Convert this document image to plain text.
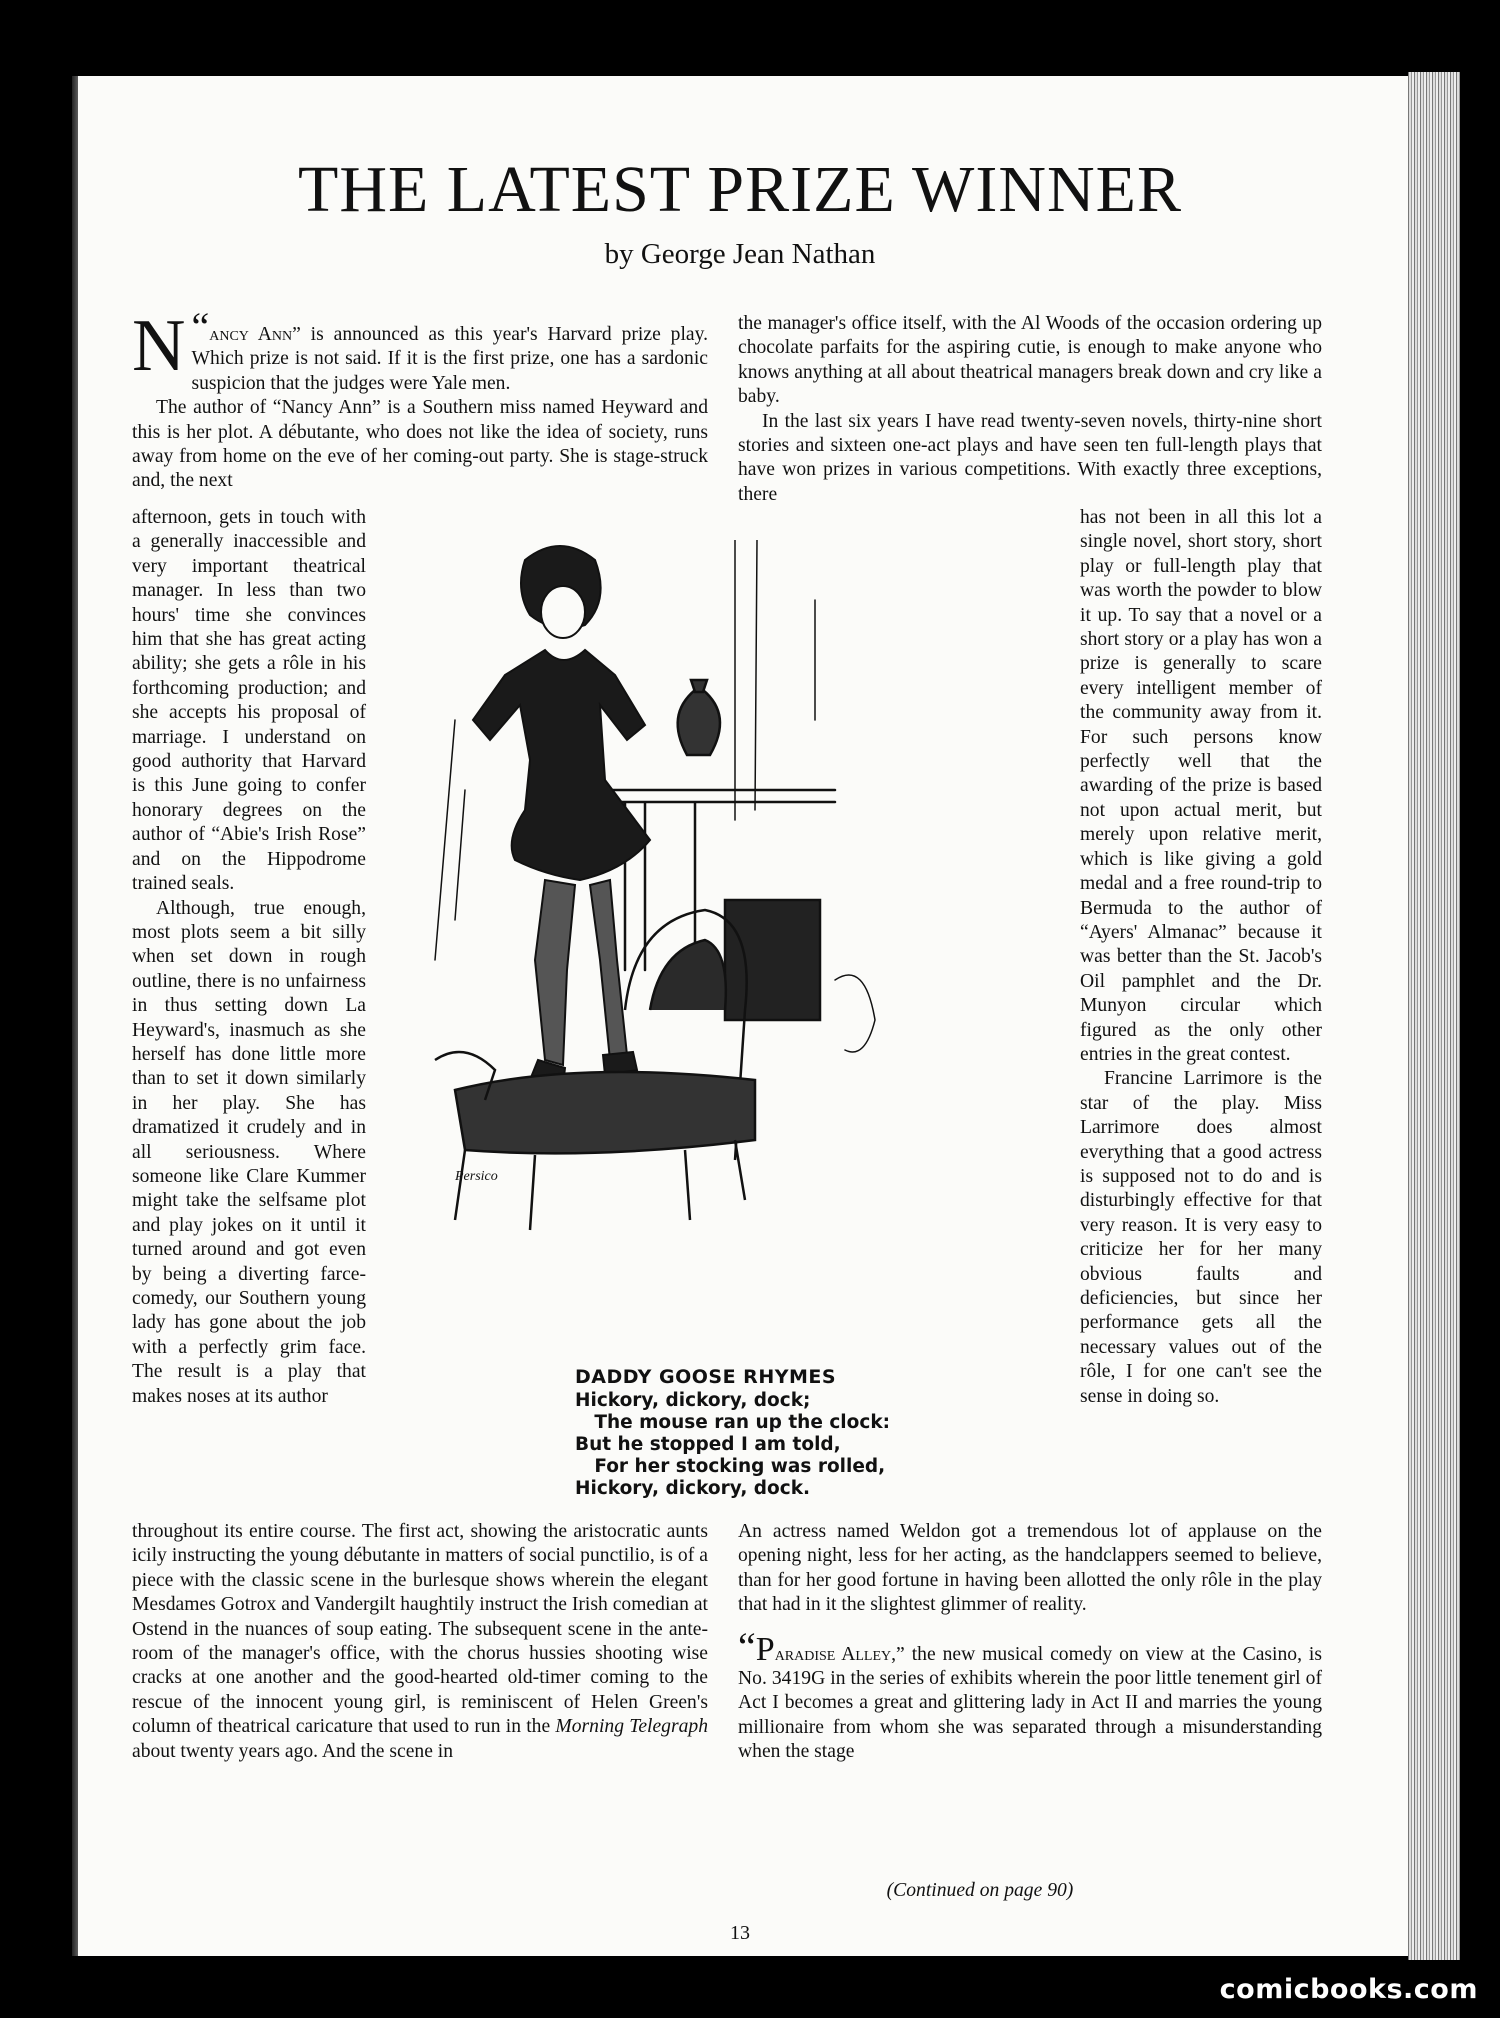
THE LATEST PRIZE WINNER
by George Jean Nathan

“
N ancy Ann” is announced as this year's Harvard prize play. Which prize is not said. If it is the first prize, one has a sardonic suspicion that the judges were Yale men.

The author of “Nancy Ann” is a Southern miss named Heyward and this is her plot. A débutante, who does not like the idea of society, runs away from home on the eve of her coming-out party. She is stage-struck and, the next

afternoon, gets in touch with a generally inaccessible and very important theatrical manager. In less than two hours' time she convinces him that she has great acting ability; she gets a rôle in his forthcoming production; and she accepts his proposal of marriage. I understand on good authority that Harvard is this June going to confer honorary degrees on the author of “Abie's Irish Rose” and on the Hippodrome trained seals.

Although, true enough, most plots seem a bit silly when set down in rough outline, there is no unfairness in thus setting down La Heyward's, inasmuch as she herself has done little more than to set it down similarly in her play. She has dramatized it crudely and in all seriousness. Where someone like Clare Kummer might take the selfsame plot and play jokes on it until it turned around and got even by being a diverting farce-comedy, our Southern young lady has gone about the job with a perfectly grim face. The result is a play that makes noses at its author

throughout its entire course. The first act, showing the aristocratic aunts icily instructing the young débutante in matters of social punctilio, is of a piece with the classic scene in the burlesque shows wherein the elegant Mesdames Gotrox and Vandergilt haughtily instruct the Irish comedian at Ostend in the nuances of soup eating. The subsequent scene in the ante-room of the manager's office, with the chorus hussies shooting wise cracks at one another and the good-hearted old-timer coming to the rescue of the innocent young girl, is reminiscent of Helen Green's column of theatrical caricature that used to run in the Morning Telegraph about twenty years ago. And the scene in

the manager's office itself, with the Al Woods of the occasion ordering up chocolate parfaits for the aspiring cutie, is enough to make anyone who knows anything at all about theatrical managers break down and cry like a baby.

In the last six years I have read twenty-seven novels, thirty-nine short stories and sixteen one-act plays and have seen ten full-length plays that have won prizes in various competitions. With exactly three exceptions, there

has not been in all this lot a single novel, short story, short play or full-length play that was worth the powder to blow it up. To say that a novel or a short story or a play has won a prize is generally to scare every intelligent member of the community away from it. For such persons know perfectly well that the awarding of the prize is based not upon actual merit, but merely upon relative merit, which is like giving a gold medal and a free round-trip to Bermuda to the author of “Ayers' Almanac” because it was better than the St. Jacob's Oil pamphlet and the Dr. Munyon circular which figured as the only other entries in the great contest.

Francine Larrimore is the star of the play. Miss Larrimore does almost everything that a good actress is supposed not to do and is disturbingly effective for that very reason. It is very easy to criticize her for her many obvious faults and deficiencies, but since her performance gets all the necessary values out of the rôle, I for one can't see the sense in doing so.

An actress named Weldon got a tremendous lot of applause on the opening night, less for her acting, as the handclappers seemed to believe, than for her good fortune in having been allotted the only rôle in the play that had in it the slightest glimmer of reality.

“Paradise Alley,” the new musical comedy on view at the Casino, is No. 3419G in the series of exhibits wherein the poor little tenement girl of Act I becomes a great and glittering lady in Act II and marries the young millionaire from whom she was separated through a misunderstanding when the stage

Persico
DADDY GOOSE RHYMES
Hickory, dickory, dock;
The mouse ran up the clock:
But he stopped I am told,
For her stocking was rolled,
Hickory, dickory, dock.
(Continued on page 90)
13
comicbooks.com
